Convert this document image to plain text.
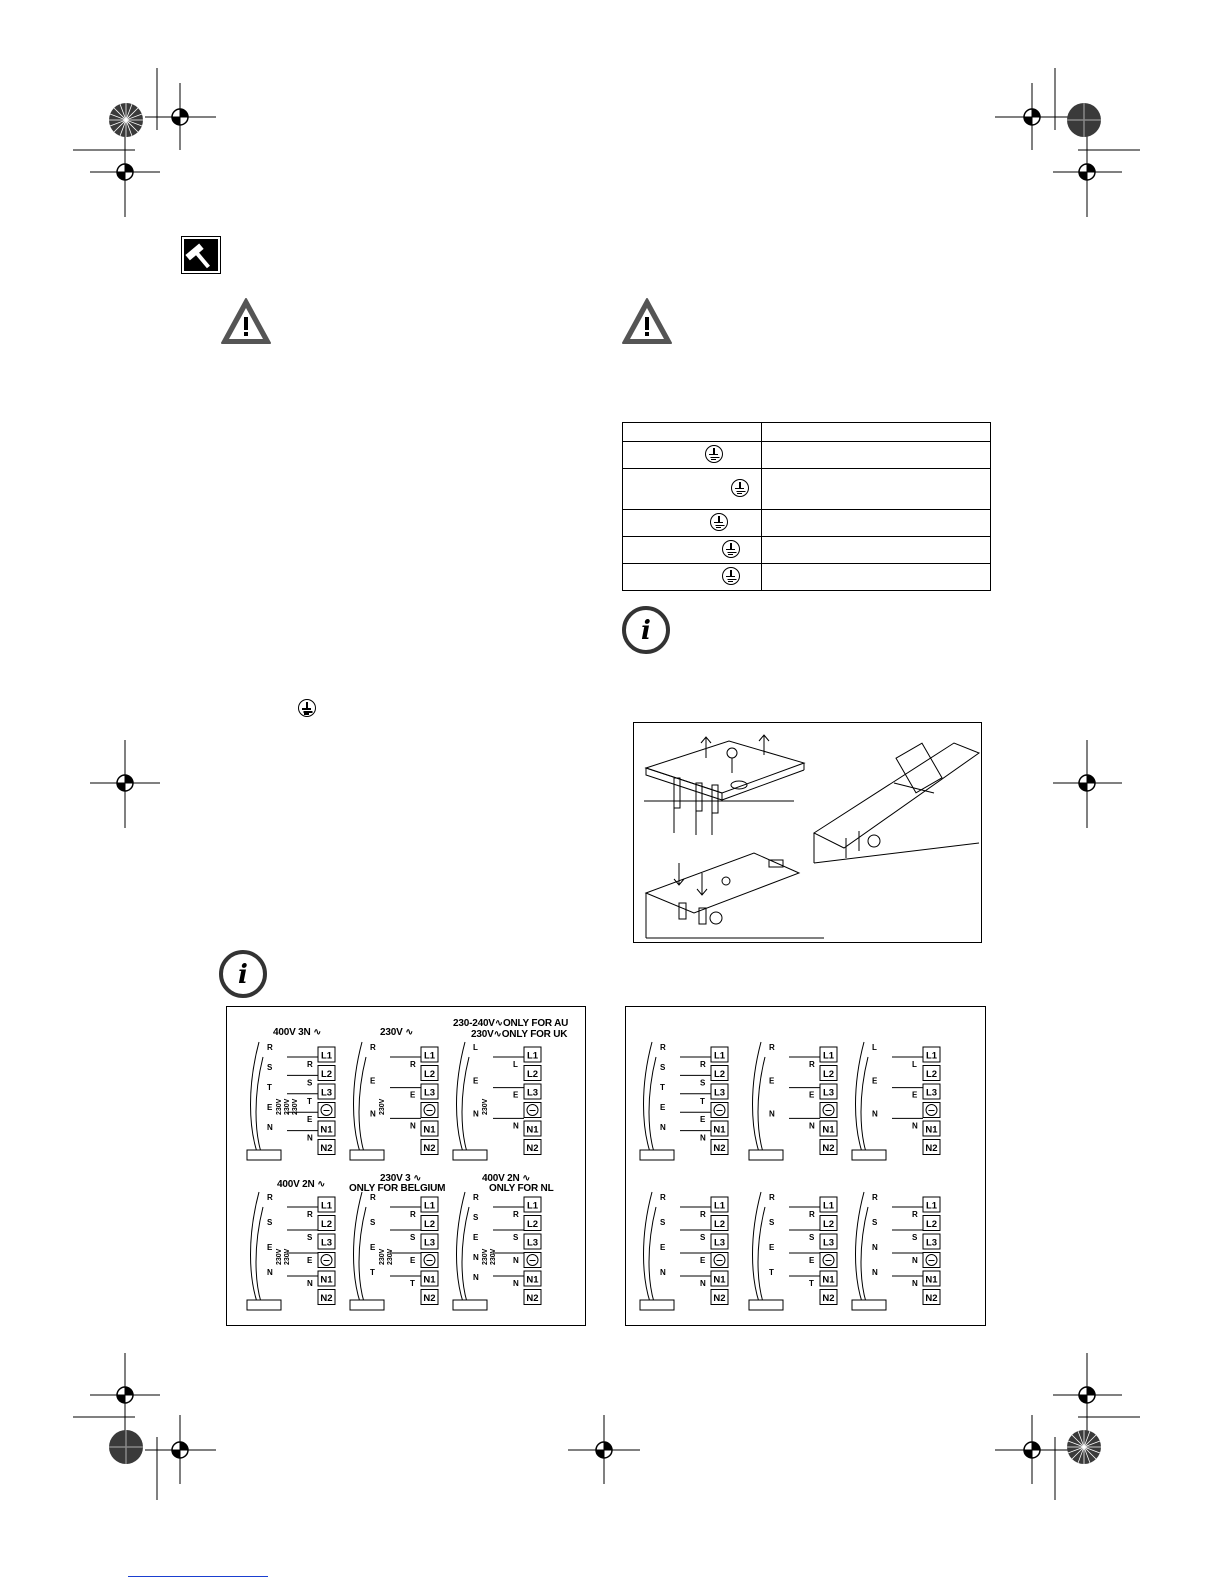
i
i
400V 3N ∿	230V ∿
230-240V∿ONLY FOR AU
230V∿ONLY FOR UK
400V 2N ∿
230V 3 ∿
ONLY FOR BELGIUM
400V 2N ∿
ONLY FOR NL
L1
L2
L3
N1
N2
R
S
T
E
N
R
S
T
E
N
230V 230V 230V
L1
L2
L3
N1
N2
R
E
N
R
E
N
230V
L1
L2
L3
N1
N2
L
E
N
L
E
N
230V
L1
L2
L3
N1
N2
R
S
E
N
R
S
E
N
230V 230V
L1
L2
L3
N1
N2
R
S
E
T
R
S
E
T
230V 230V
L1
L2
L3
N1
N2
R
S
E
N
N
R
S
N
N
230V 230V
L1
L2
L3
N1
N2
R
S
T
E
N
R
S
T
E
N
L1
L2
L3
N1
N2
R
E
N
R
E
N
L1
L2
L3
N1
N2
L
E
N
L
E
N
L1
L2
L3
N1
N2
R
S
E
N
R
S
E
N
L1
L2
L3
N1
N2
R
S
E
T
R
S
E
T
L1
L2
L3
N1
N2
R
S
N
N
R
S
N
N
